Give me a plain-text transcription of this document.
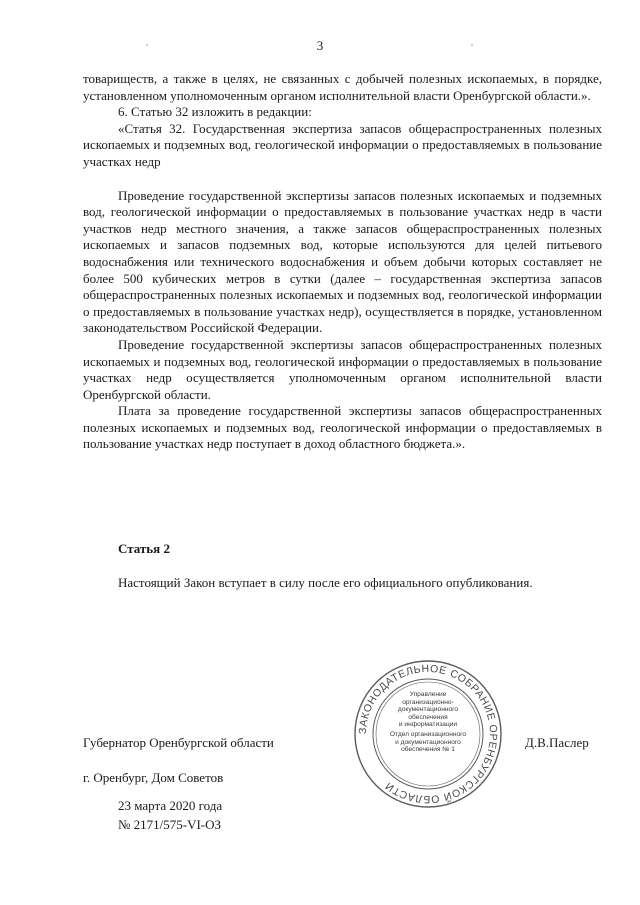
3

товариществ, а также в целях, не связанных с добычей полезных ископаемых, в порядке, установленном уполномоченным органом исполнительной власти Оренбургской области.».

6. Статью 32 изложить в редакции:

«Статья 32. Государственная экспертиза запасов общераспространенных полезных ископаемых и подземных вод, геологической информации о предоставляемых в пользование участках недр

Проведение государственной экспертизы запасов полезных ископаемых и подземных вод, геологической информации о предоставляемых в пользование участках недр в части участков недр местного значения, а также запасов общераспространенных полезных ископаемых и запасов подземных вод, которые используются для целей питьевого водоснабжения или технического водоснабжения и объем добычи которых составляет не более 500 кубических метров в сутки (далее – государственная экспертиза запасов общераспространенных полезных ископаемых и подземных вод, геологической информации о предоставляемых в пользование участках недр), осуществляется в порядке, установленном законодательством Российской Федерации.

Проведение государственной экспертизы запасов общераспространенных полезных ископаемых и подземных вод, геологической информации о предоставляемых в пользование участках недр осуществляется уполномоченным органом исполнительной власти Оренбургской области.

Плата за проведение государственной экспертизы запасов общераспространенных полезных ископаемых и подземных вод, геологической информации о предоставляемых в пользование участках недр поступает в доход областного бюджета.».

Статья 2
Настоящий Закон вступает в силу после его официального опубликования.
Губернатор Оренбургской области	Д.В.Паслер
г. Оренбург, Дом Советов
23 марта 2020 года
№ 2171/575-VI-ОЗ
ЗАКОНОДАТЕЛЬНОЕ СОБРАНИЕ ОРЕНБУРГСКОЙ ОБЛАСТИ
Управление
организационно-
документационного
обеспечения
и информатизации
Отдел организационного
и документационного
обеспечения № 1
